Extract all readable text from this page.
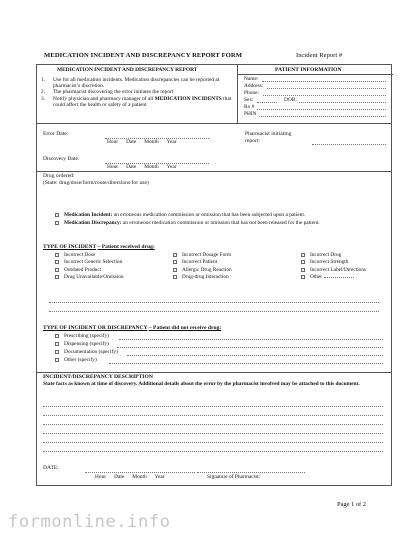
MEDICATION INCIDENT AND DISCREPANCY REPORT FORM	Incident Report #
MEDICATION INCIDENT AND DISCREPANCY REPORT
1.	Use for all medication incidents. Medication discrepancies can be reported at pharmacist’s discretion.
2.	The pharmacist discovering the error initiates the report
3.	Notify physician and pharmacy manager of all MEDICATION INCIDENTS that could affect the health or safety of a patient
PATIENT INFORMATION
Name:
Address:
Phone:
Sex:	DOB:
Rx #
PHIN
Error Date:
Hour Date Month Year
Pharmacist initiating
report:
Discovery Date:
Hour Date Month Year
Drug ordered:
(State: drug/dose/form/route/directions for use)
Medication Incident: an erroneous medication commission or omission that has been subjected upon a patient.
Medication Discrepancy: an erroneous medication commission or omission that has not been released for the patient.
TYPE OF INCIDENT – Patient received drug:
Incorrect Dose	Incorrect Dosage Form	Incorrect Drug
Incorrect Generic Selection	Incorrect Patient	Incorrect Strength
Outdated Product	Allergic Drug Reaction	Incorrect Label/Directions
Drug Unavailable/Omission	Drug-drug Interaction	Other
TYPE OF INCIDENT OR DISCREPANCY – Patient did not receive drug:
Prescribing (specify)
Dispensing (specify)
Documentation (specify)
Other (specify)
INCIDENT/DISCREPANCY DESCRIPTION
State facts as known at time of discovery. Additional details about the error by the pharmacist involved may be attached to this document.
DATE:
Hour Date Month Year	Signature of Pharmacist:
Page 1 of 2
formonline.info
